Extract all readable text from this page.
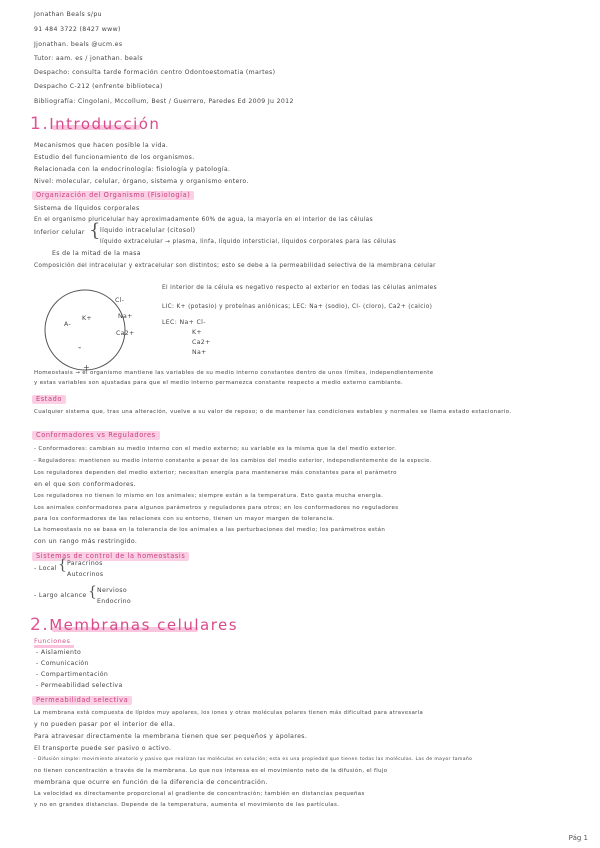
Jonathan Beals s/pu
91 484 3722 (8427 www)
Jjonathan. beals @ucm.es
Tutor: aam. es / jonathan. beals
Despacho: consulta tarde formación centro Odontoestomatia (martes)
Despacho C-212 (enfrente biblioteca)
Bibliografía: Cingolani, Mccollum, Best / Guerrero, Paredes Ed 2009 Ju 2012
1.Introducción
Mecanismos que hacen posible la vida.
Estudio del funcionamiento de los organismos.
Relacionada con la endocrinología: fisiología y patología.
Nivel: molecular, celular, órgano, sistema y organismo entero.
Organización del Organismo (Fisiología)
Sistema de líquidos corporales
En el organismo pluricelular hay aproximadamente 60% de agua, la mayoría en el interior de las células
Inferior celular { líquido intracelular (citosol)
líquido extracelular → plasma, linfa, líquido intersticial, líquidos corporales para las células
Es de la mitad de la masa
Composición del intracelular y extracelular son distintos; esto se debe a la permeabilidad selectiva de la membrana celular
K+
A-
Cl-
Na+
Ca2+
-
+
El interior de la célula es negativo respecto al exterior en todas las células animales
LIC: K+ (potasio) y proteínas aniónicas; LEC: Na+ (sodio), Cl- (cloro), Ca2+ (calcio)
LEC: Na+ Cl-
K+
Ca2+
Na+
Homeostasis → el organismo mantiene las variables de su medio interno constantes dentro de unos límites, independientemente
y estas variables son ajustadas para que el medio interno permanezca constante respecto a medio externo cambiante.
Estado
Cualquier sistema que, tras una alteración, vuelve a su valor de reposo; o de mantener las condiciones estables y normales se llama estado estacionario.
Conformadores vs Reguladores
- Conformadores: cambian su medio interno con el medio externo; su variable es la misma que la del medio exterior.
- Reguladores: mantienen su medio interno constante a pesar de los cambios del medio exterior, independientemente de la especie.
Los reguladores dependen del medio exterior; necesitan energía para mantenerse más constantes para el parámetro
en el que son conformadores.
Los reguladores no tienen lo mismo en los animales; siempre están a la temperatura. Esto gasta mucha energía.
Los animales conformadores para algunos parámetros y reguladores para otros; en los conformadores no reguladores
para los conformadores de las relaciones con su entorno, tienen un mayor margen de tolerancia.
La homeostasis no se basa en la tolerancia de los animales a las perturbaciones del medio; los parámetros están
con un rango más restringido.
Sistemas de control de la homeostasis
- Local { Paracrinos
Autocrinos
- Largo alcance { Nervioso
Endocrino
2.Membranas celulares
Funciones
- Aislamiento
- Comunicación
- Compartimentación
- Permeabilidad selectiva
Permeabilidad selectiva
La membrana está compuesta de lípidos muy apolares, los iones y otras moléculas polares tienen más dificultad para atravesarla
y no pueden pasar por el interior de ella.
Para atravesar directamente la membrana tienen que ser pequeños y apolares.
El transporte puede ser pasivo o activo.
- Difusión simple: movimiento aleatorio y pasivo que realizan las moléculas en solución; esta es una propiedad que tienen todas las moléculas. Las de mayor tamaño
no tienen concentración a través de la membrana. Lo que nos interesa es el movimiento neto de la difusión, el flujo
membrana que ocurre en función de la diferencia de concentración.
La velocidad es directamente proporcional al gradiente de concentración; también en distancias pequeñas
y no en grandes distancias. Depende de la temperatura, aumenta el movimiento de las partículas.
Pág 1
